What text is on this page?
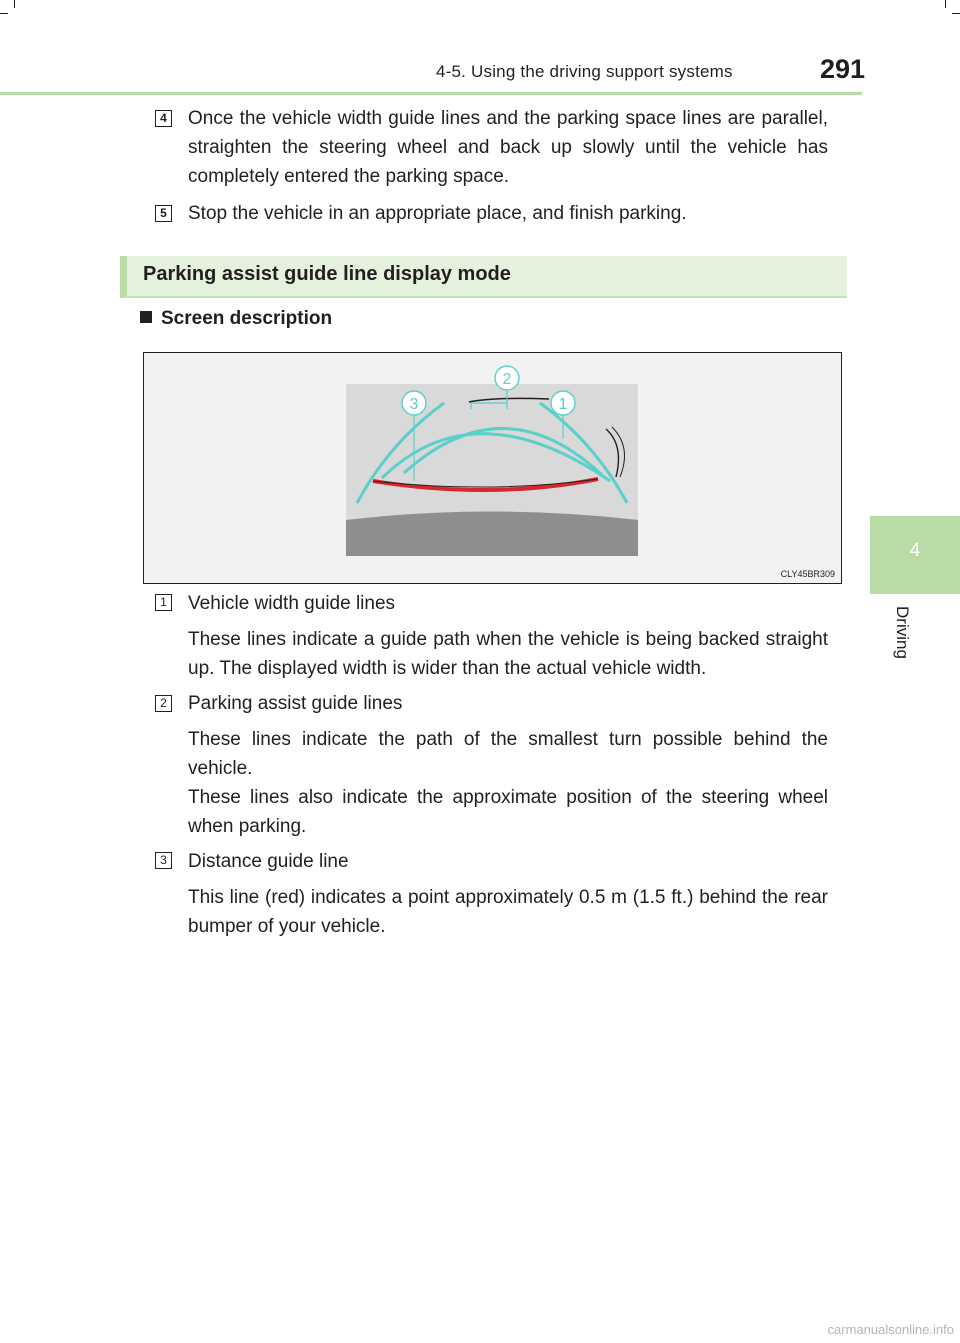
4-5. Using the driving support systems	291
4
Driving
4 Once the vehicle width guide lines and the parking space lines are parallel, straighten the steering wheel and back up slowly until the vehicle has completely entered the parking space.

5 Stop the vehicle in an appropriate place, and finish parking.

Parking assist guide line display mode
Screen description
3
2
1
CLY45BR309
1 Vehicle width guide lines

These lines indicate a guide path when the vehicle is being backed straight up. The displayed width is wider than the actual vehicle width.

2 Parking assist guide lines

These lines indicate the path of the smallest turn possible behind the vehicle.

These lines also indicate the approximate position of the steering wheel when parking.

3 Distance guide line

This line (red) indicates a point approximately 0.5 m (1.5 ft.) behind the rear bumper of your vehicle.

carmanualsonline.info
